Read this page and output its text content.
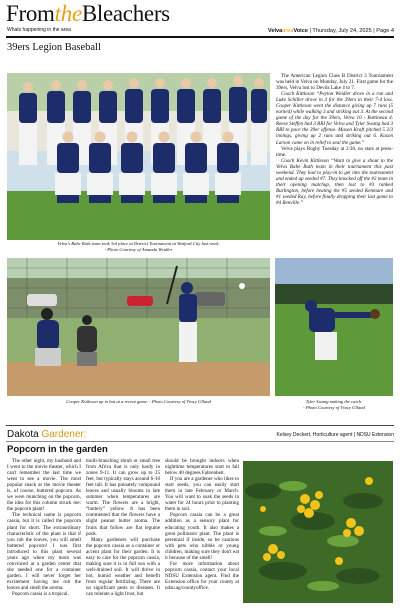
FromtheBleachers
Whats happening in the area	VelvaareaVoice | Thursday, July 24, 2025 | Page 4
39ers Legion Baseball
Velva's Babe Ruth team took 3rd place at District Tournament at Watford City last week.
- Photo Courtesy of Amanda Weidler

The American Legion Class B District 3 Tournament was held in Velva on Monday, July 21. First game for the 39ers, Velva lost to Devils Lake 4 to 7.

Coach Kittleson “Peyton Weidler drove in a run and Luke Schiller drove in 3 for the 39ers in their 7-4 loss. Cooper Kittleson went the distance giving up 7 runs (5 earned) while walking 3 and striking out 3. At the second game of the day for the 39ers, Velva 10 - Bottineau 4. Reese Steffen had 3 RBI for Velva and Tyler Swang had 3 RBI to pace the 39er offense. Mason Kraft pitched 5 2/3 innings, giving up 2 runs and striking out 6. Kason Larson came on in relief to seal the game.”

Velva plays Rugby Tuesday at 2:30, no stats at press-time.

Coach Kevin Kittleson “Want to give a shout to the Velva Babe Ruth team in their tournament this past weekend. They had to play-in to get into the tournament and ended up seeded #7. They knocked off the #2 team in their opening matchup, then lost to #3 ranked Burlington, before beating the #5 seeded Kenmare and #1 seeded Ray, before finally dropping their last game to #4 Renville.”

Cooper Kittleson up to bat at a recent game. - Photo Courtesy of Tracy Ulland	Tyler Swang making the catch.
- Photo Courtesy of Tracy Ulland
Dakota Gardener:	Kelsey Deckert, Horticulture agent | NDSU Extension
Popcorn in the garden

The other night, my husband and I went to the movie theater, which I can't remember the last time we went to see a movie. The most popular snack at the movie theater is, of course, buttered popcorn. As we were munching on the popcorn, the idea for this column struck me: the popcorn plant!

The technical name is popcorn cassia, but it is called the popcorn plant for short. The extraordinary characteristic of the plant is that if you rub the leaves, you will smell buttered popcorn! I was first introduced to this plant several years ago when my mom was convinced at a garden center that she needed one for a container garden. I will never forget her excitement having me rub the leaves and smell the aroma.

Popcorn cassia is a tropical,

multi-branching shrub or small tree from Africa that is only hardy in zones 9-11. It can grow up to 25 feet, but typically stays around 6-10 feet tall. It has pinnately compound leaves and usually blooms in late summer when temperatures are warm. The flowers are a bright, “buttery” yellow. It has been commented that the flowers have a slight peanut butter aroma. The fruits that follow are flat legume pods.

Many gardeners will purchase the popcorn cassia as a container or accent plant for their garden. It is easy to care for the popcorn cassia, making sure it is in full sun with a well-drained soil. It will thrive in hot, humid weather and benefit from regular fertilizing. There are no significant pests or diseases. It can tolerate a light frost, but

should be brought indoors when nighttime temperatures start to fall below 40 degrees Fahrenheit.

If you are a gardener who likes to start seeds, you can easily start them in late February or March. You will want to soak the seeds in water for 24 hours prior to planting them in soil.

Popcorn cassia can be a great addition as a sensory plant for educating youth. It also makes a great pollinator plant. The plant is perennial if inside, so be cautious with pets who nibble or young children, making sure they don't eat it because of the smell!

For more information about popcorn cassia, contact your local NDSU Extension agent. Find the Extension office for your county at ndsu.ag/countyoffice.
